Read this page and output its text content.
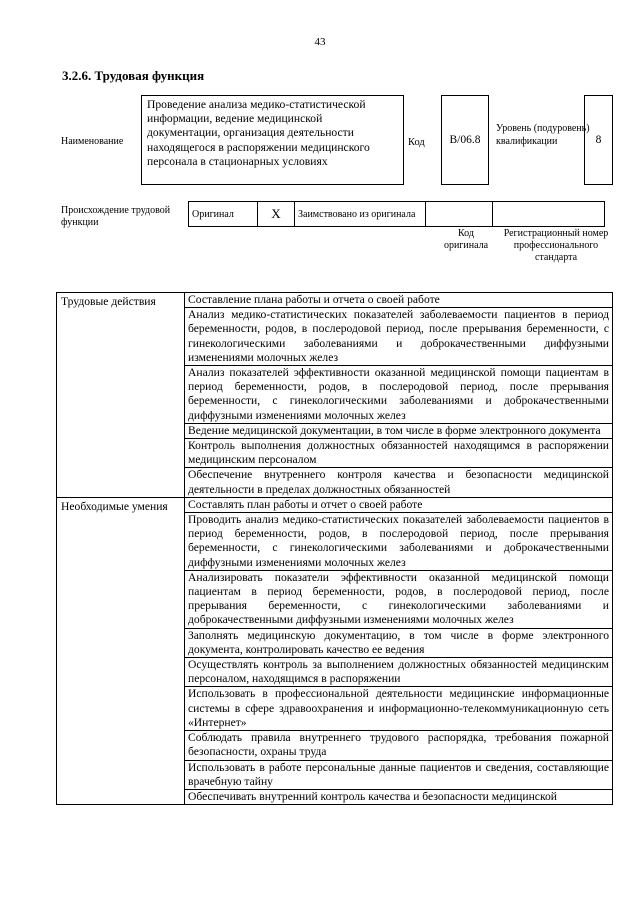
43
3.2.6. Трудовая функция
Наименование
Проведение анализа медико-статистической информации, ведение медицинской документации, организация деятельности находящегося в распоряжении медицинского персонала в стационарных условиях
Код B/06.8
Уровень (подуровень) квалификации	8
Происхождение трудовой функции
Оригинал	X	Заимствовано из оригинала		
Код оригинала
Регистрационный номер профессионального стандарта
Трудовые действия	Составление плана работы и отчета о своей работе
	Анализ медико-статистических показателей заболеваемости пациентов в период беременности, родов, в послеродовой период, после прерывания беременности, с гинекологическими заболеваниями и доброкачественными диффузными изменениями молочных желез
	Анализ показателей эффективности оказанной медицинской помощи пациентам в период беременности, родов, в послеродовой период, после прерывания беременности, с гинекологическими заболеваниями и доброкачественными диффузными изменениями молочных желез
	Ведение медицинской документации, в том числе в форме электронного документа
	Контроль выполнения должностных обязанностей находящимся в распоряжении медицинским персоналом
	Обеспечение внутреннего контроля качества и безопасности медицинской деятельности в пределах должностных обязанностей
Необходимые умения	Составлять план работы и отчет о своей работе
	Проводить анализ медико-статистических показателей заболеваемости пациентов в период беременности, родов, в послеродовой период, после прерывания беременности, с гинекологическими заболеваниями и доброкачественными диффузными изменениями молочных желез
	Анализировать показатели эффективности оказанной медицинской помощи пациентам в период беременности, родов, в послеродовой период, после прерывания беременности, с гинекологическими заболеваниями и доброкачественными диффузными изменениями молочных желез
	Заполнять медицинскую документацию, в том числе в форме электронного документа, контролировать качество ее ведения
	Осуществлять контроль за выполнением должностных обязанностей медицинским персоналом, находящимся в распоряжении
	Использовать в профессиональной деятельности медицинские информационные системы в сфере здравоохранения и информационно-телекоммуникационную сеть «Интернет»
	Соблюдать правила внутреннего трудового распорядка, требования пожарной безопасности, охраны труда
	Использовать в работе персональные данные пациентов и сведения, составляющие врачебную тайну
	Обеспечивать внутренний контроль качества и безопасности медицинской
